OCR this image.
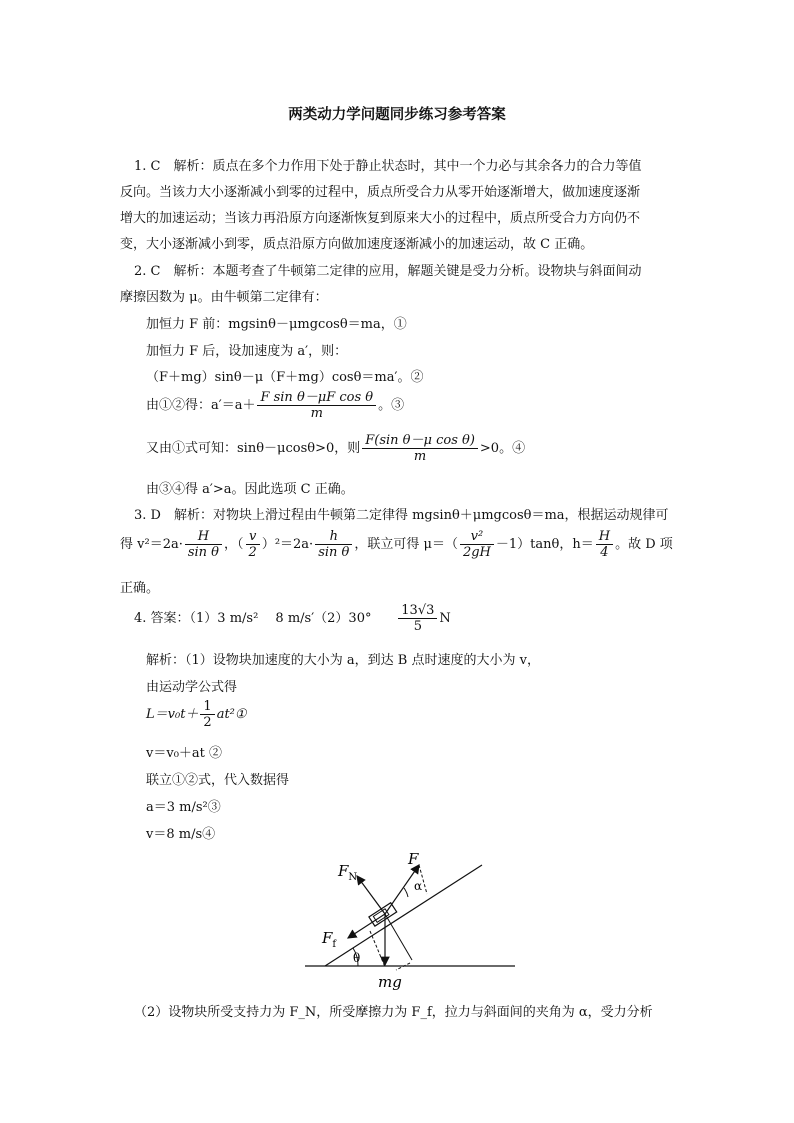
两类动力学问题同步练习参考答案
1. C　解析：质点在多个力作用下处于静止状态时，其中一个力必与其余各力的合力等值
反向。当该力大小逐渐减小到零的过程中，质点所受合力从零开始逐渐增大，做加速度逐渐
增大的加速运动；当该力再沿原方向逐渐恢复到原来大小的过程中，质点所受合力方向仍不
变，大小逐渐减小到零，质点沿原方向做加速度逐渐减小的加速运动，故 C 正确。
2. C　解析：本题考查了牛顿第二定律的应用，解题关键是受力分析。设物块与斜面间动
摩擦因数为 μ。由牛顿第二定律有：
加恒力 F 前：mgsinθ－μmgcosθ＝ma，①
加恒力 F 后，设加速度为 a′，则：
（F＋mg）sinθ－μ（F＋mg）cosθ＝ma′。②
由①②得：$a'=a+ \frac{\text{F sin θ－μF cos θ}}{m}$ 。③
又由①式可知：sinθ－μcosθ>0，则 $\frac{\text{F(sin θ－μ cos θ)}}{m} >0$。④
由③④得 a′>a。因此选项 C 正确。
3. D　解析：对物块上滑过程由牛顿第二定律得 mgsinθ＋μmgcosθ＝ma，根据运动规律可
得 $v^2=2a\cdot \frac{H}{\text{sin θ}}$ ，（ $\frac{v}{2} )^2=2a\cdot \frac{h}{\text{sin θ}}$ ，联立可得 $\mu=( \frac{\text{v²}}{2gH} -1)\tan\theta$，$h= \frac{H}{4}$ 。故 D 项
正确。
4. 答案：（1）3 m/s²　 8 $m/s'(2)30^\circ \frac{13√3}{5}$ N
解析：（1）设物块加速度的大小为 a，到达 B 点时速度的大小为 v，
由运动学公式得
$L=v_0t+ \frac{1}{2}$ at²①
v＝v₀＋at ②
联立①②式，代入数据得
a＝3 m/s²③
v＝8 m/s④
$F_N$
F
α
$F_f$
θ
mg
（2）设物块所受支持力为 F_N，所受摩擦力为 F_f，拉力与斜面间的夹角为 α，受力分析
